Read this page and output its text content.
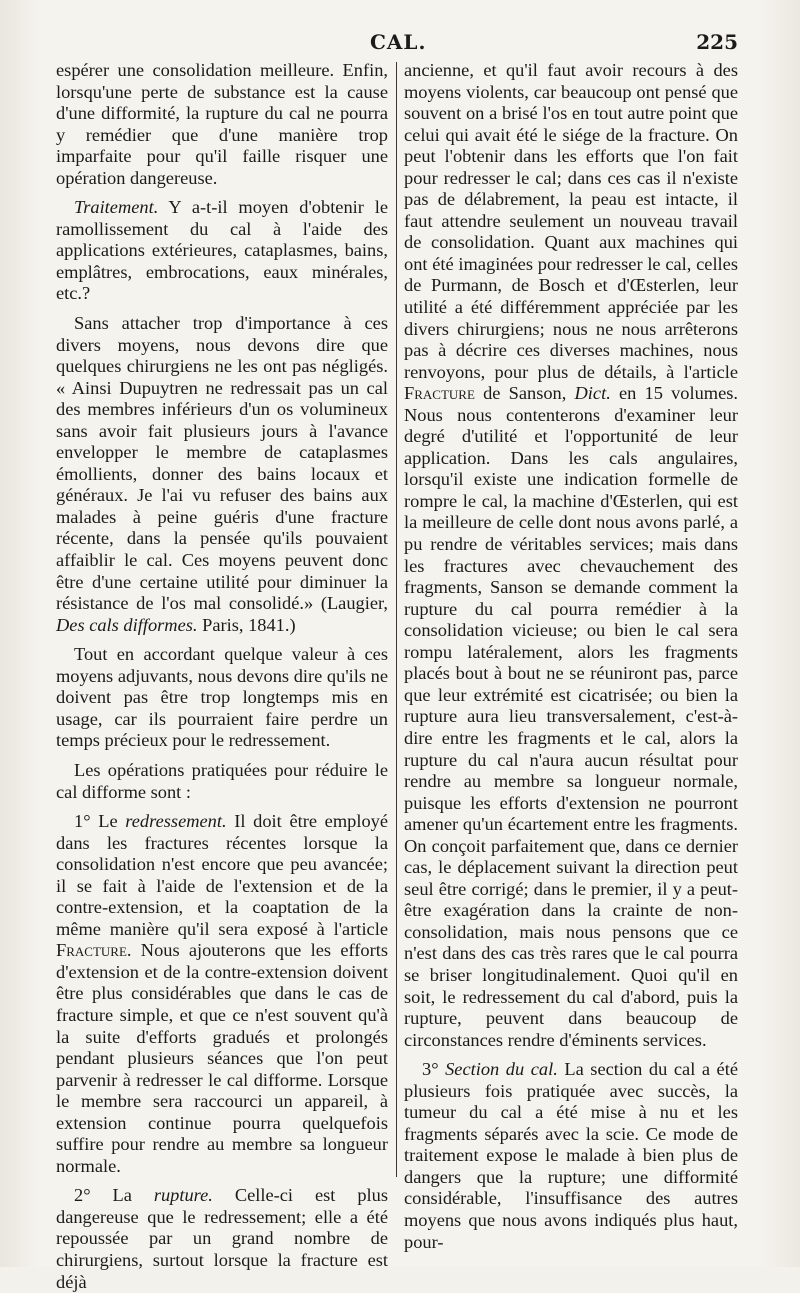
CAL.	225

espérer une consolidation meilleure. Enfin, lorsqu'une perte de substance est la cause d'une difformité, la rupture du cal ne pourra y remédier que d'une manière trop imparfaite pour qu'il faille risquer une opération dangereuse.

Traitement. Y a-t-il moyen d'obtenir le ramollissement du cal à l'aide des applications extérieures, cataplasmes, bains, emplâtres, embrocations, eaux minérales, etc.?

Sans attacher trop d'importance à ces divers moyens, nous devons dire que quelques chirurgiens ne les ont pas négligés. « Ainsi Dupuytren ne redressait pas un cal des membres inférieurs d'un os volumineux sans avoir fait plusieurs jours à l'avance envelopper le membre de cataplasmes émollients, donner des bains locaux et généraux. Je l'ai vu refuser des bains aux malades à peine guéris d'une fracture récente, dans la pensée qu'ils pouvaient affaiblir le cal. Ces moyens peuvent donc être d'une certaine utilité pour diminuer la résistance de l'os mal consolidé.» (Laugier, Des cals difformes. Paris, 1841.)

Tout en accordant quelque valeur à ces moyens adjuvants, nous devons dire qu'ils ne doivent pas être trop longtemps mis en usage, car ils pourraient faire perdre un temps précieux pour le redressement.

Les opérations pratiquées pour réduire le cal difforme sont :

1° Le redressement. Il doit être employé dans les fractures récentes lorsque la consolidation n'est encore que peu avancée; il se fait à l'aide de l'extension et de la contre-extension, et la coaptation de la même manière qu'il sera exposé à l'article Fracture. Nous ajouterons que les efforts d'extension et de la contre-extension doivent être plus considérables que dans le cas de fracture simple, et que ce n'est souvent qu'à la suite d'efforts gradués et prolongés pendant plusieurs séances que l'on peut parvenir à redresser le cal difforme. Lorsque le membre sera raccourci un appareil, à extension continue pourra quelquefois suffire pour rendre au membre sa longueur normale.

2° La rupture. Celle-ci est plus dangereuse que le redressement; elle a été repoussée par un grand nombre de chirurgiens, surtout lorsque la fracture est déjà

ancienne, et qu'il faut avoir recours à des moyens violents, car beaucoup ont pensé que souvent on a brisé l'os en tout autre point que celui qui avait été le siége de la fracture. On peut l'obtenir dans les efforts que l'on fait pour redresser le cal; dans ces cas il n'existe pas de délabrement, la peau est intacte, il faut attendre seulement un nouveau travail de consolidation. Quant aux machines qui ont été imaginées pour redresser le cal, celles de Purmann, de Bosch et d'Œsterlen, leur utilité a été différemment appréciée par les divers chirurgiens; nous ne nous arrêterons pas à décrire ces diverses machines, nous renvoyons, pour plus de détails, à l'article Fracture de Sanson, Dict. en 15 volumes. Nous nous contenterons d'examiner leur degré d'utilité et l'opportunité de leur application. Dans les cals angulaires, lorsqu'il existe une indication formelle de rompre le cal, la machine d'Œsterlen, qui est la meilleure de celle dont nous avons parlé, a pu rendre de véritables services; mais dans les fractures avec chevauchement des fragments, Sanson se demande comment la rupture du cal pourra remédier à la consolidation vicieuse; ou bien le cal sera rompu latéralement, alors les fragments placés bout à bout ne se réuniront pas, parce que leur extrémité est cicatrisée; ou bien la rupture aura lieu transversalement, c'est-à-dire entre les fragments et le cal, alors la rupture du cal n'aura aucun résultat pour rendre au membre sa longueur normale, puisque les efforts d'extension ne pourront amener qu'un écartement entre les fragments. On conçoit parfaitement que, dans ce dernier cas, le déplacement suivant la direction peut seul être corrigé; dans le premier, il y a peut-être exagération dans la crainte de non-consolidation, mais nous pensons que ce n'est dans des cas très rares que le cal pourra se briser longitudinalement. Quoi qu'il en soit, le redressement du cal d'abord, puis la rupture, peuvent dans beaucoup de circonstances rendre d'éminents services.

3° Section du cal. La section du cal a été plusieurs fois pratiquée avec succès, la tumeur du cal a été mise à nu et les fragments séparés avec la scie. Ce mode de traitement expose le malade à bien plus de dangers que la rupture; une difformité considérable, l'insuffisance des autres moyens que nous avons indiqués plus haut, pour-
